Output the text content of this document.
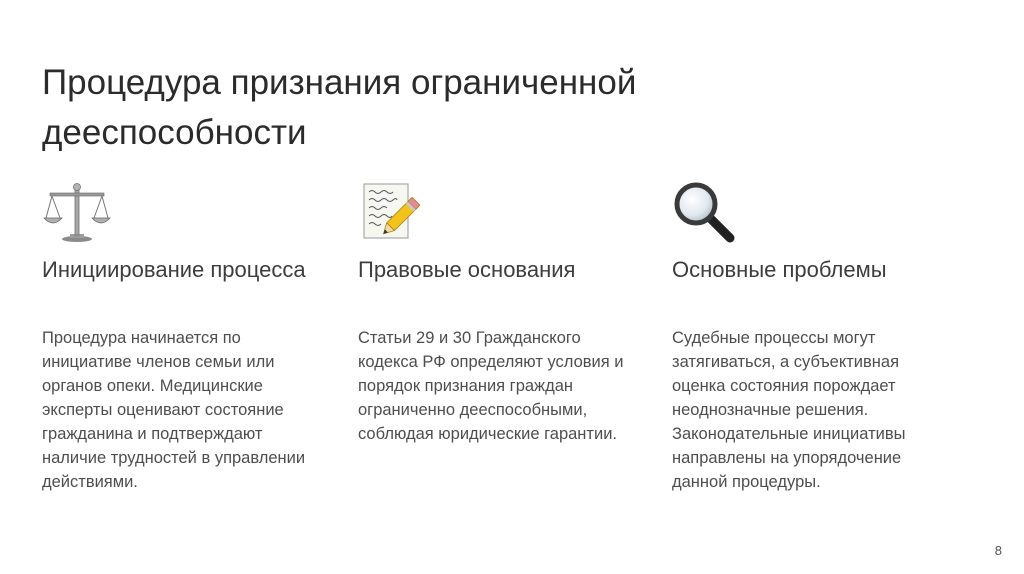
Процедура признания ограниченной дееспособности
Инициирование процесса
Процедура начинается по инициативе членов семьи или органов опеки. Медицинские эксперты оценивают состояние гражданина и подтверждают наличие трудностей в управлении действиями.
Правовые основания
Статьи 29 и 30 Гражданского кодекса РФ определяют условия и порядок признания граждан ограниченно дееспособными, соблюдая юридические гарантии.
Основные проблемы
Судебные процессы могут затягиваться, а субъективная оценка состояния порождает неоднозначные решения. Законодательные инициативы направлены на упорядочение данной процедуры.
8
